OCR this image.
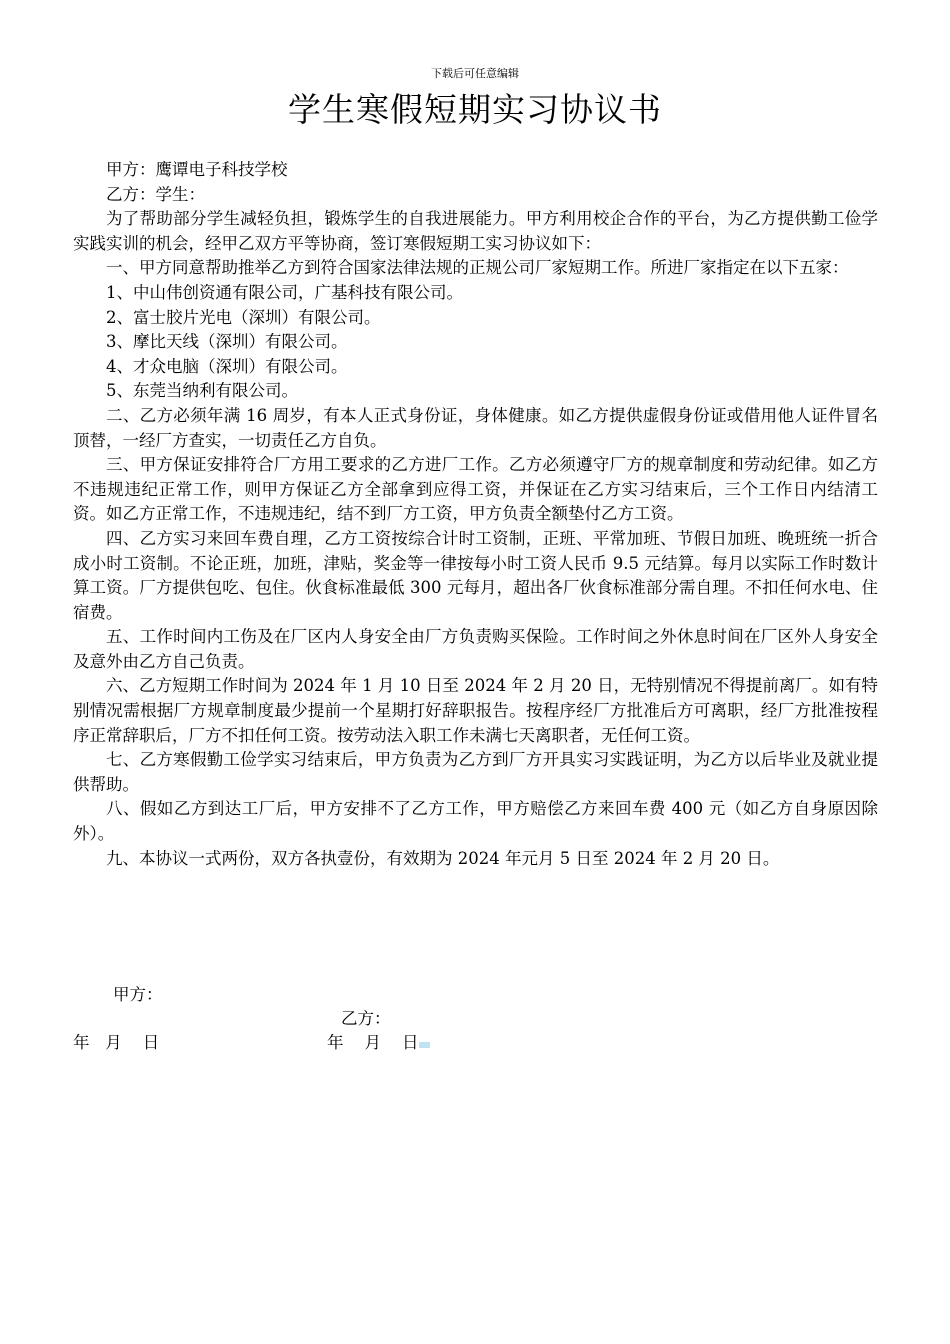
下载后可任意编辑
学生寒假短期实习协议书

甲方：鹰谭电子科技学校

乙方：学生：

为了帮助部分学生减轻负担，锻炼学生的自我进展能力。甲方利用校企合作的平台，为乙方提供勤工俭学实践实训的机会，经甲乙双方平等协商，签订寒假短期工实习协议如下：

一、甲方同意帮助推举乙方到符合国家法律法规的正规公司厂家短期工作。所进厂家指定在以下五家：

1、中山伟创资通有限公司，广基科技有限公司。

2、富士胶片光电（深圳）有限公司。

3、摩比天线（深圳）有限公司。

4、才众电脑（深圳）有限公司。

5、东莞当纳利有限公司。

二、乙方必须年满 16 周岁，有本人正式身份证，身体健康。如乙方提供虚假身份证或借用他人证件冒名顶替，一经厂方查实，一切责任乙方自负。

三、甲方保证安排符合厂方用工要求的乙方进厂工作。乙方必须遵守厂方的规章制度和劳动纪律。如乙方不违规违纪正常工作，则甲方保证乙方全部拿到应得工资，并保证在乙方实习结束后，三个工作日内结清工资。如乙方正常工作，不违规违纪，结不到厂方工资，甲方负责全额垫付乙方工资。

四、乙方实习来回车费自理，乙方工资按综合计时工资制，正班、平常加班、节假日加班、晚班统一折合成小时工资制。不论正班，加班，津贴，奖金等一律按每小时工资人民币 9.5 元结算。每月以实际工作时数计算工资。厂方提供包吃、包住。伙食标准最低 300 元每月，超出各厂伙食标准部分需自理。不扣任何水电、住宿费。

五、工作时间内工伤及在厂区内人身安全由厂方负责购买保险。工作时间之外休息时间在厂区外人身安全及意外由乙方自己负责。

六、乙方短期工作时间为 2024 年 1 月 10 日至 2024 年 2 月 20 日，无特别情况不得提前离厂。如有特别情况需根据厂方规章制度最少提前一个星期打好辞职报告。按程序经厂方批准后方可离职，经厂方批准按程序正常辞职后，厂方不扣任何工资。按劳动法入职工作未满七天离职者，无任何工资。

七、乙方寒假勤工俭学实习结束后，甲方负责为乙方到厂方开具实习实践证明，为乙方以后毕业及就业提供帮助。

八、假如乙方到达工厂后，甲方安排不了乙方工作，甲方赔偿乙方来回车费 400 元（如乙方自身原因除外）。

九、本协议一式两份，双方各执壹份，有效期为 2024 年元月 5 日至 2024 年 2 月 20 日。

甲方：
乙方：
年   月    日	年    月    日
